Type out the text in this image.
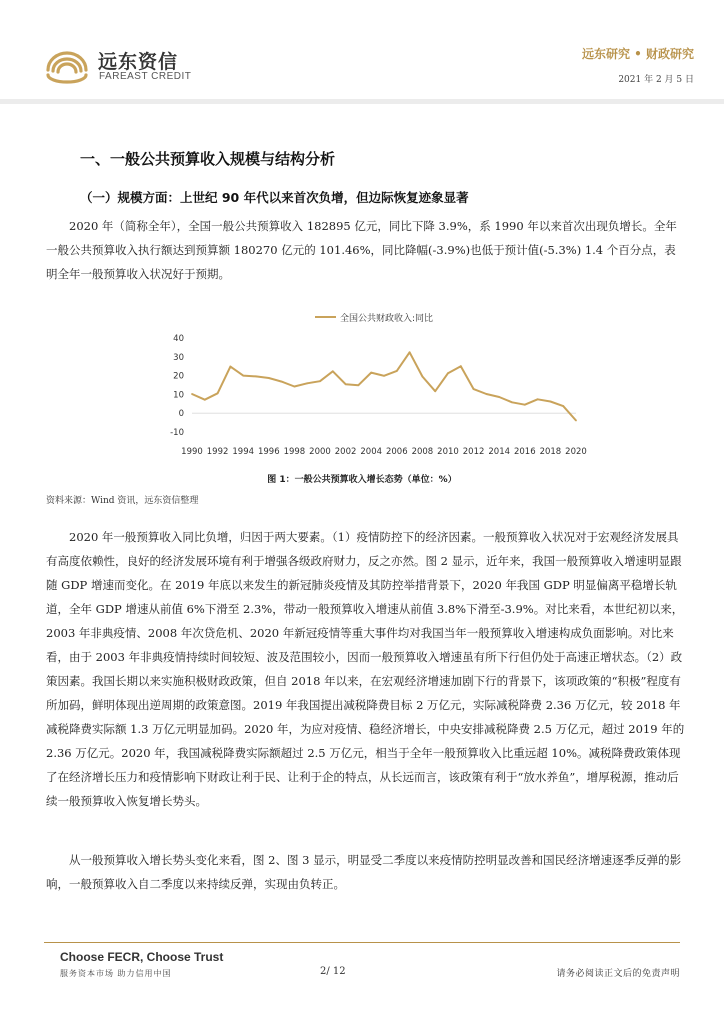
远东资信
FAREAST CREDIT
远东研究 • 财政研究
2021 年 2 月 5 日
一、一般公共预算收入规模与结构分析
（一）规模方面：上世纪 90 年代以来首次负增，但边际恢复迹象显著

2020 年（简称全年），全国一般公共预算收入 182895 亿元，同比下降 3.9%，系 1990 年以来首次出现负增长。全年一般公共预算收入执行额达到预算额 180270 亿元的 101.46%，同比降幅(-3.9%)也低于预计值(-5.3%) 1.4 个百分点，表明全年一般预算收入状况好于预期。

全国公共财政收入:同比
-10
0
10
20
30
40
1990 1992 1994 1996 1998 2000 2002 2004 2006 2008 2010 2012 2014 2016 2018 2020
图 1：一般公共预算收入增长态势（单位：%）
资料来源：Wind 资讯，远东资信整理

2020 年一般预算收入同比负增，归因于两大要素。（1）疫情防控下的经济因素。一般预算收入状况对于宏观经济发展具有高度依赖性，良好的经济发展环境有利于增强各级政府财力，反之亦然。图 2 显示，近年来，我国一般预算收入增速明显跟随 GDP 增速而变化。在 2019 年底以来发生的新冠肺炎疫情及其防控举措背景下，2020 年我国 GDP 明显偏离平稳增长轨道，全年 GDP 增速从前值 6%下滑至 2.3%，带动一般预算收入增速从前值 3.8%下滑至-3.9%。对比来看，本世纪初以来，2003 年非典疫情、2008 年次贷危机、2020 年新冠疫情等重大事件均对我国当年一般预算收入增速构成负面影响。对比来看，由于 2003 年非典疫情持续时间较短、波及范围较小，因而一般预算收入增速虽有所下行但仍处于高速正增状态。（2）政策因素。我国长期以来实施积极财政政策，但自 2018 年以来，在宏观经济增速加剧下行的背景下，该项政策的“积极”程度有所加码，鲜明体现出逆周期的政策意图。2019 年我国提出减税降费目标 2 万亿元，实际减税降费 2.36 万亿元，较 2018 年减税降费实际额 1.3 万亿元明显加码。2020 年，为应对疫情、稳经济增长，中央安排减税降费 2.5 万亿元，超过 2019 年的 2.36 万亿元。2020 年，我国减税降费实际额超过 2.5 万亿元，相当于全年一般预算收入比重远超 10%。减税降费政策体现了在经济增长压力和疫情影响下财政让利于民、让利于企的特点，从长远而言，该政策有利于“放水养鱼”，增厚税源，推动后续一般预算收入恢复增长势头。

从一般预算收入增长势头变化来看，图 2、图 3 显示，明显受二季度以来疫情防控明显改善和国民经济增速逐季反弹的影响，一般预算收入自二季度以来持续反弹，实现由负转正。

Choose FECR, Choose Trust
服务资本市场 助力信用中国	2/ 12	请务必阅读正文后的免责声明
